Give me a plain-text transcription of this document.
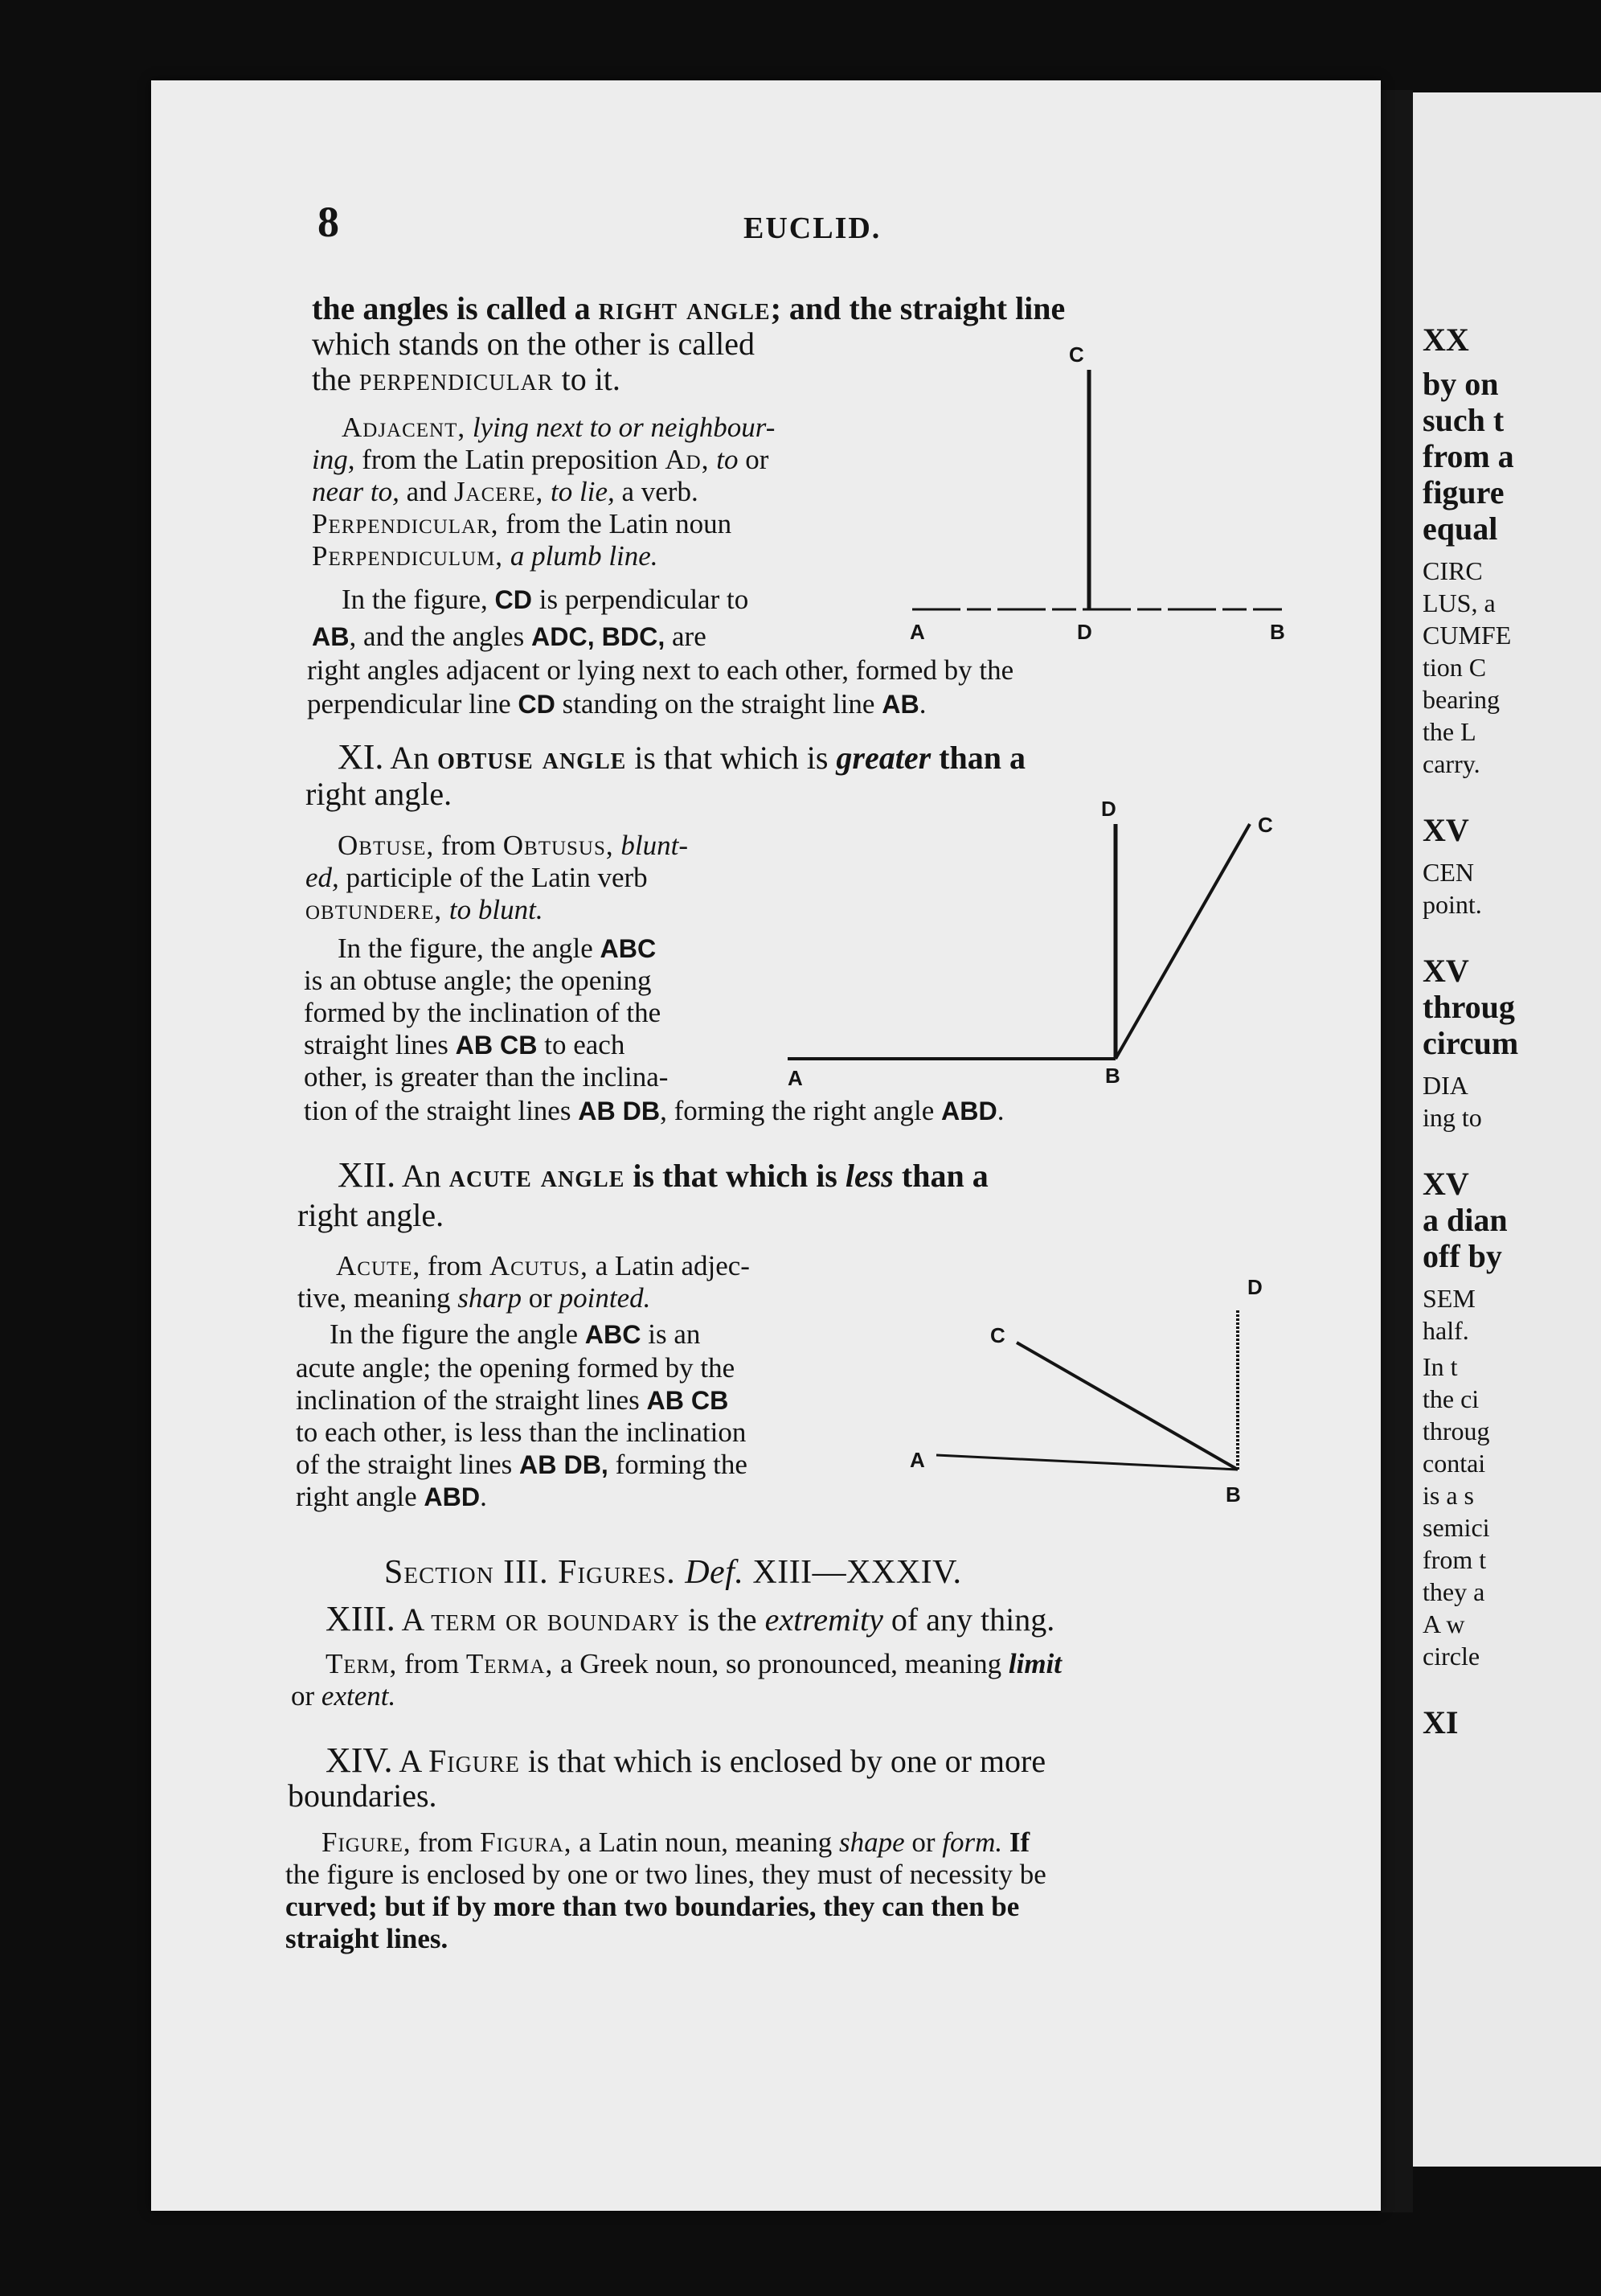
XX
by on
such t
from a
figure
equal
CIRC
LUS, a
CUMFE
tion C
bearing
the L
carry.
XV
CEN
point.
XV
throug
circum
DIA
ing to
XV
a dian
off by
SEM
half.
In t
the ci
throug
contai
is a s
semici
from t
they a
A w
circle
XI
8	EUCLID.
the angles is called a right angle; and the straight line
which stands on the other is called
the perpendicular to it.
Adjacent, lying next to or neighbour-
ing, from the Latin preposition Ad, to or
near to, and Jacere, to lie, a verb.
Perpendicular, from the Latin noun
Perpendiculum, a plumb line.
In the figure, CD is perpendicular to
AB, and the angles ADC, BDC, are
right angles adjacent or lying next to each other, formed by the
perpendicular line CD standing on the straight line AB.
C
A	D	B
XI. An obtuse angle is that which is greater than a
right angle.
Obtuse, from Obtusus, blunt-
ed, participle of the Latin verb
obtundere, to blunt.
In the figure, the angle ABC
is an obtuse angle; the opening
formed by the inclination of the
straight lines AB CB to each
other, is greater than the inclina-
tion of the straight lines AB DB, forming the right angle ABD.
D
C
A	B
XII. An acute angle is that which is less than a
right angle.
Acute, from Acutus, a Latin adjec-
tive, meaning sharp or pointed.
In the figure the angle ABC is an
acute angle; the opening formed by the
inclination of the straight lines AB CB
to each other, is less than the inclination
of the straight lines AB DB, forming the
right angle ABD.
D
C
A
B
Section III. Figures. Def. XIII—XXXIV.
XIII. A term or boundary is the extremity of any thing.
Term, from Terma, a Greek noun, so pronounced, meaning limit
or extent.
XIV. A Figure is that which is enclosed by one or more
boundaries.
Figure, from Figura, a Latin noun, meaning shape or form. If
the figure is enclosed by one or two lines, they must of necessity be
curved; but if by more than two boundaries, they can then be
straight lines.
